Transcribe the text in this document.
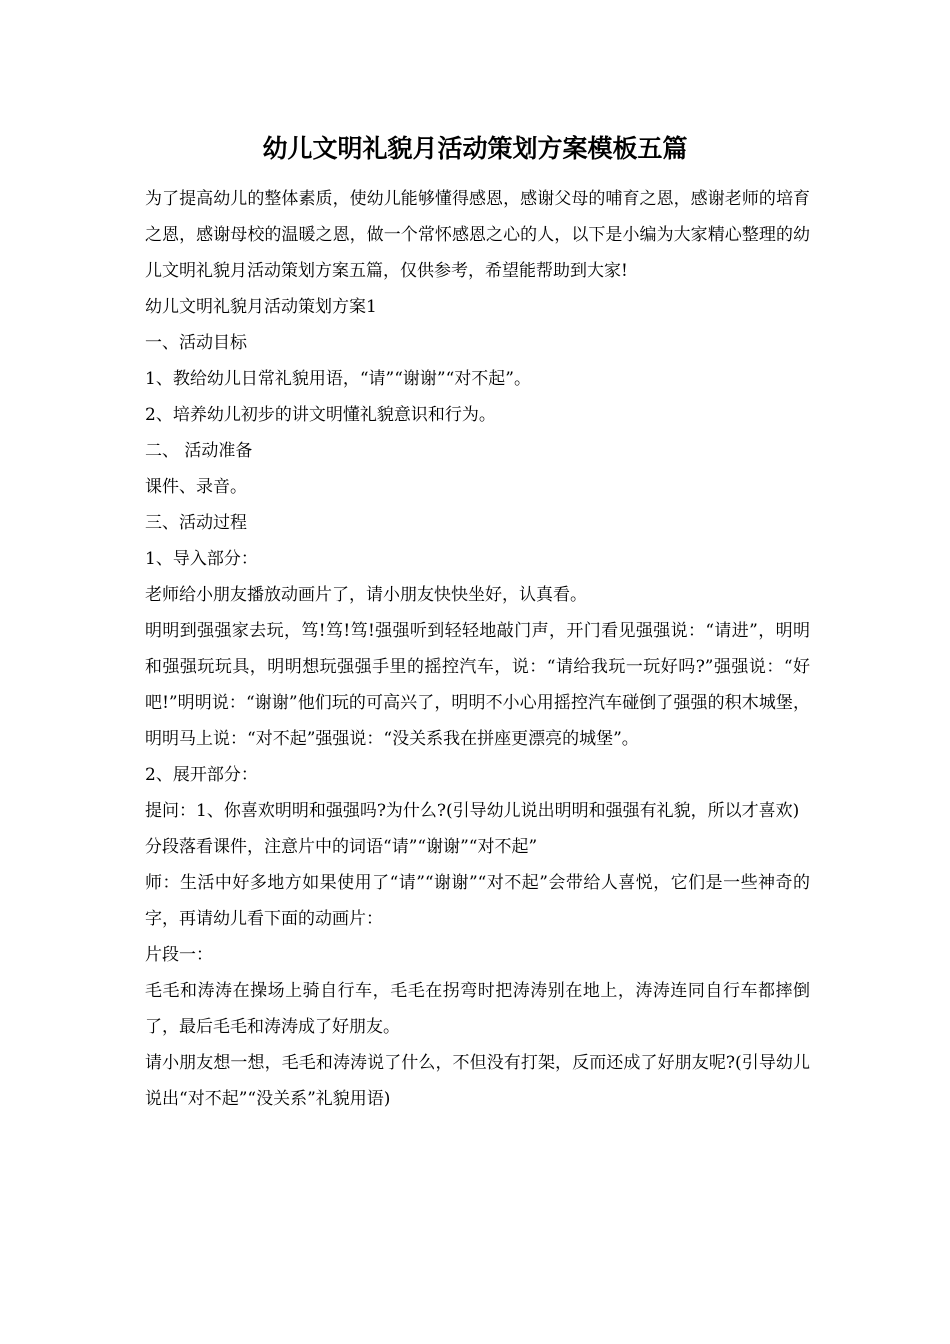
幼儿文明礼貌月活动策划方案模板五篇

为了提高幼儿的整体素质，使幼儿能够懂得感恩，感谢父母的哺育之恩，感谢老师的培育之恩，感谢母校的温暖之恩，做一个常怀感恩之心的人，以下是小编为大家精心整理的幼儿文明礼貌月活动策划方案五篇，仅供参考，希望能帮助到大家!

幼儿文明礼貌月活动策划方案1

一、活动目标

1、教给幼儿日常礼貌用语，“请”“谢谢”“对不起”。

2、培养幼儿初步的讲文明懂礼貌意识和行为。

二、 活动准备

课件、录音。

三、活动过程

1、导入部分：

老师给小朋友播放动画片了，请小朋友快快坐好，认真看。

明明到强强家去玩，笃!笃!笃!强强听到轻轻地敲门声，开门看见强强说：“请进”，明明和强强玩玩具，明明想玩强强手里的摇控汽车，说：“请给我玩一玩好吗?”强强说：“好吧!”明明说：“谢谢”他们玩的可高兴了，明明不小心用摇控汽车碰倒了强强的积木城堡，明明马上说：“对不起”强强说：“没关系我在拼座更漂亮的城堡”。

2、展开部分：

提问：1、你喜欢明明和强强吗?为什么?(引导幼儿说出明明和强强有礼貌，所以才喜欢)

分段落看课件，注意片中的词语“请”“谢谢”“对不起”

师：生活中好多地方如果使用了“请”“谢谢”“对不起”会带给人喜悦，它们是一些神奇的字，再请幼儿看下面的动画片：

片段一：

毛毛和涛涛在操场上骑自行车，毛毛在拐弯时把涛涛别在地上，涛涛连同自行车都摔倒了，最后毛毛和涛涛成了好朋友。

请小朋友想一想，毛毛和涛涛说了什么，不但没有打架，反而还成了好朋友呢?(引导幼儿说出“对不起”“没关系”礼貌用语)
